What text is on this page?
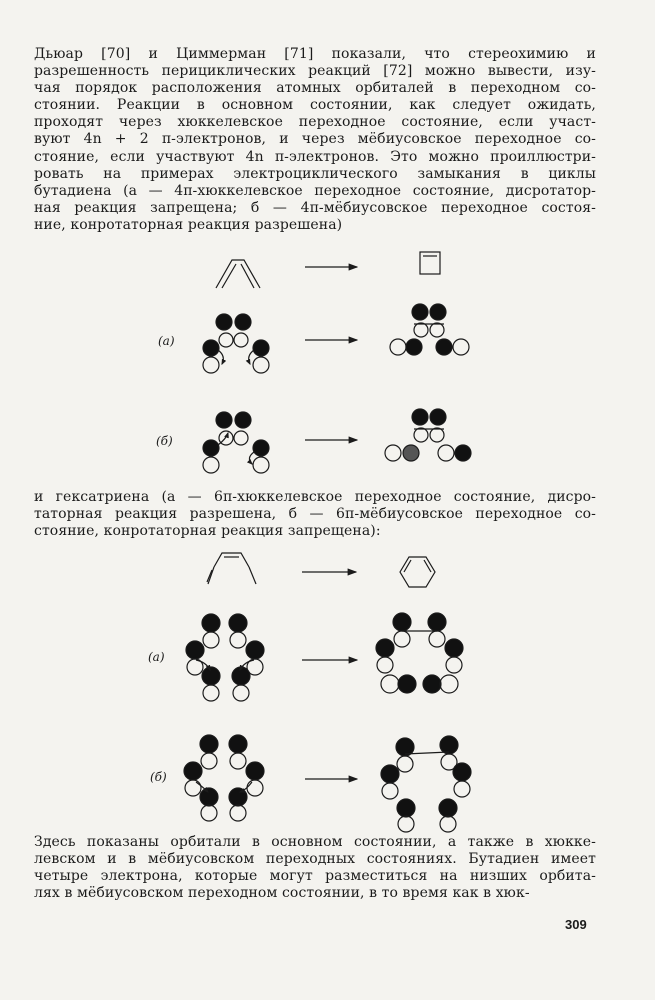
Дьюар [70] и Циммерман [71] показали, что стереохимию и
разрешенность перициклических реакций [72] можно вывести, изу-
чая порядок расположения атомных орбиталей в переходном со-
стоянии. Реакции в основном состоянии, как следует ожидать,
проходят через хюккелевское переходное состояние, если участ-
вуют 4n + 2 π-электронов, и через мёбиусовское переходное со-
стояние, если участвуют 4n π-электронов. Это можно проиллюстри-
ровать на примерах электроциклического замыкания в циклы
бутадиена (а — 4π-хюккелевское переходное состояние, дисротатор-
ная реакция запрещена; б — 4π-мёбиусовское переходное состоя-
ние, конротаторная реакция разрешена)
и гексатриена (а — 6π-хюккелевское переходное состояние, дисро-
таторная реакция разрешена, б — 6π-мёбиусовское переходное со-
стояние, конротаторная реакция запрещена):
Здесь показаны орбитали в основном состоянии, а также в хюкке-
левском и в мёбиусовском переходных состояниях. Бутадиен имеет
четыре электрона, которые могут разместиться на низших орбита-
лях в мёбиусовском переходном состоянии, в то время как в хюк-
(а)
(б)
(а)
(б)
309
